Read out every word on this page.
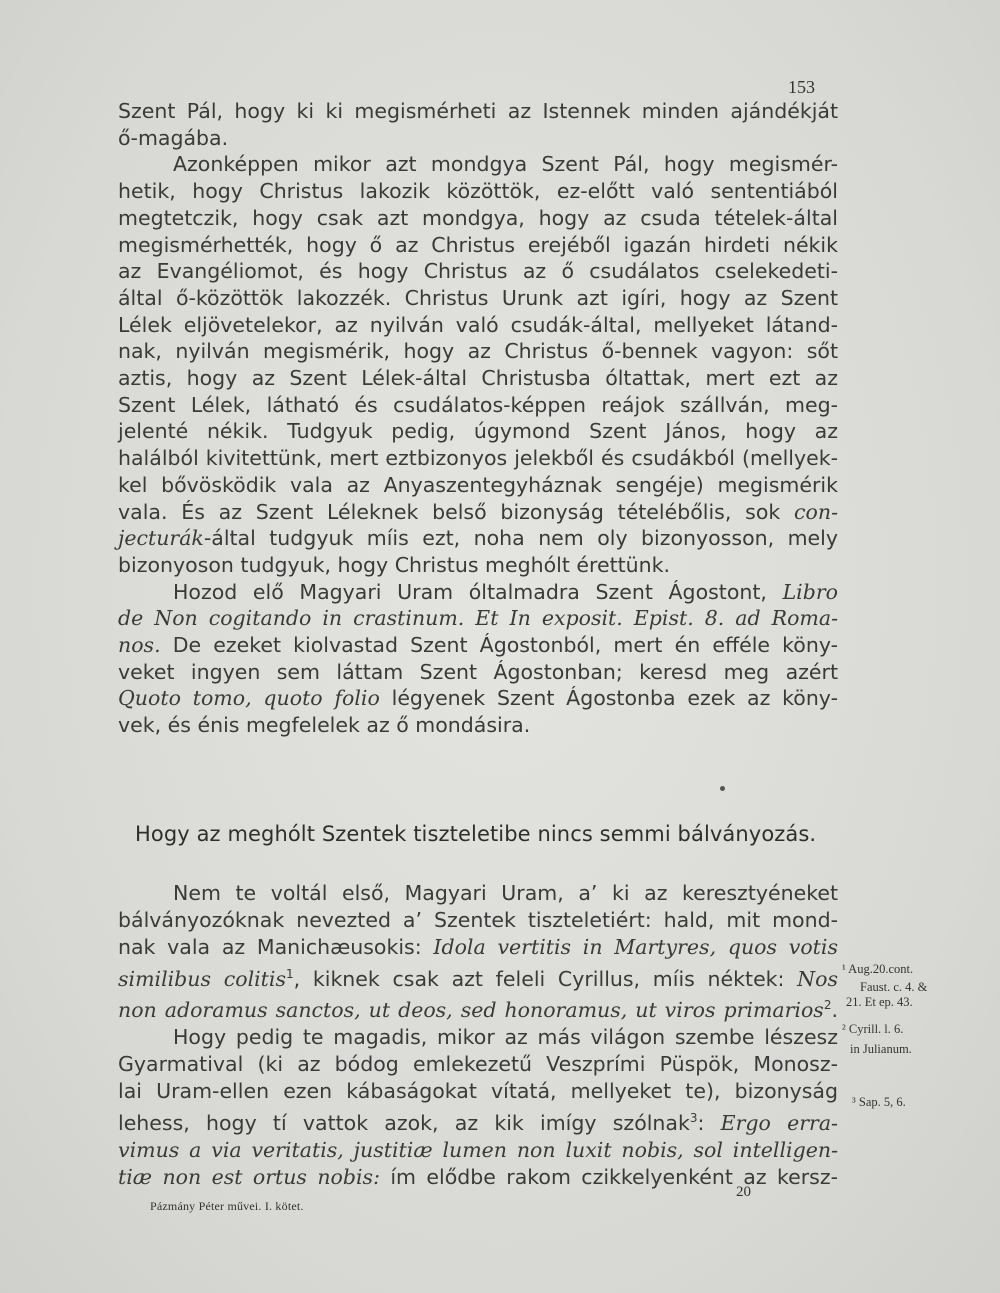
153
Szent Pál, hogy ki ki megismérheti az Istennek minden ajándékját
ő-magába.
Azonképpen mikor azt mondgya Szent Pál, hogy megismér-
hetik, hogy Christus lakozik közöttök, ez-előtt való sententiából
megtetczik, hogy csak azt mondgya, hogy az csuda tételek-által
megismérhették, hogy ő az Christus erejéből igazán hirdeti nékik
az Evangéliomot, és hogy Christus az ő csudálatos cselekedeti-
által ő-közöttök lakozzék. Christus Urunk azt igíri, hogy az Szent
Lélek eljövetelekor, az nyilván való csudák-által, mellyeket látand-
nak, nyilván megismérik, hogy az Christus ő-bennek vagyon: sőt
aztis, hogy az Szent Lélek-által Christusba óltattak, mert ezt az
Szent Lélek, látható és csudálatos-képpen reájok szállván, meg-
jelenté nékik. Tudgyuk pedig, úgymond Szent János, hogy az
halálból kivitettünk, mert eztbizonyos jelekből és csudákból (mellyek-
kel bővösködik vala az Anyaszentegyháznak sengéje) megismérik
vala. És az Szent Léleknek belső bizonyság tételébőlis, sok con-
jecturák-által tudgyuk míis ezt, noha nem oly bizonyosson, mely
bizonyoson tudgyuk, hogy Christus meghólt érettünk.
Hozod elő Magyari Uram óltalmadra Szent Ágostont, Libro
de Non cogitando in crastinum. Et In exposit. Epist. 8. ad Roma-
nos. De ezeket kiolvastad Szent Ágostonból, mert én efféle köny-
veket ingyen sem láttam Szent Ágostonban; keresd meg azért
Quoto tomo, quoto folio légyenek Szent Ágostonba ezek az köny-
vek, és énis megfelelek az ő mondásira.
Hogy az meghólt Szentek tiszteletibe nincs semmi bálványozás.
Nem te voltál első, Magyari Uram, a’ ki az keresztyéneket
bálványozóknak nevezted a’ Szentek tiszteletiért: hald, mit mond-
nak vala az Manichæusokis: Idola vertitis in Martyres, quos votis
similibus colitis$^1$, kiknek csak azt feleli Cyrillus, míis néktek: Nos
non adoramus sanctos, ut deos, sed honoramus, ut viros primarios$^2$.
Hogy pedig te magadis, mikor az más világon szembe lészesz
Gyarmatival (ki az bódog emlekezetű Veszprími Püspök, Monosz-
lai Uram-ellen ezen kábaságokat vítatá, mellyeket te), bizonyság
lehess, hogy tí vattok azok, az kik imígy szólnak$^3$: Ergo erra-
vimus a via veritatis, justitiæ lumen non luxit nobis, sol intelligen-
tiæ non est ortus nobis: ím elődbe rakom czikkelyenként az kersz-
¹ Aug.20.cont.
Faust. c. 4. &
21. Et ep. 43.
² Cyrill. l. 6.
in Julianum.
³ Sap. 5, 6.
Pázmány Péter művei. I. kötet.
20
